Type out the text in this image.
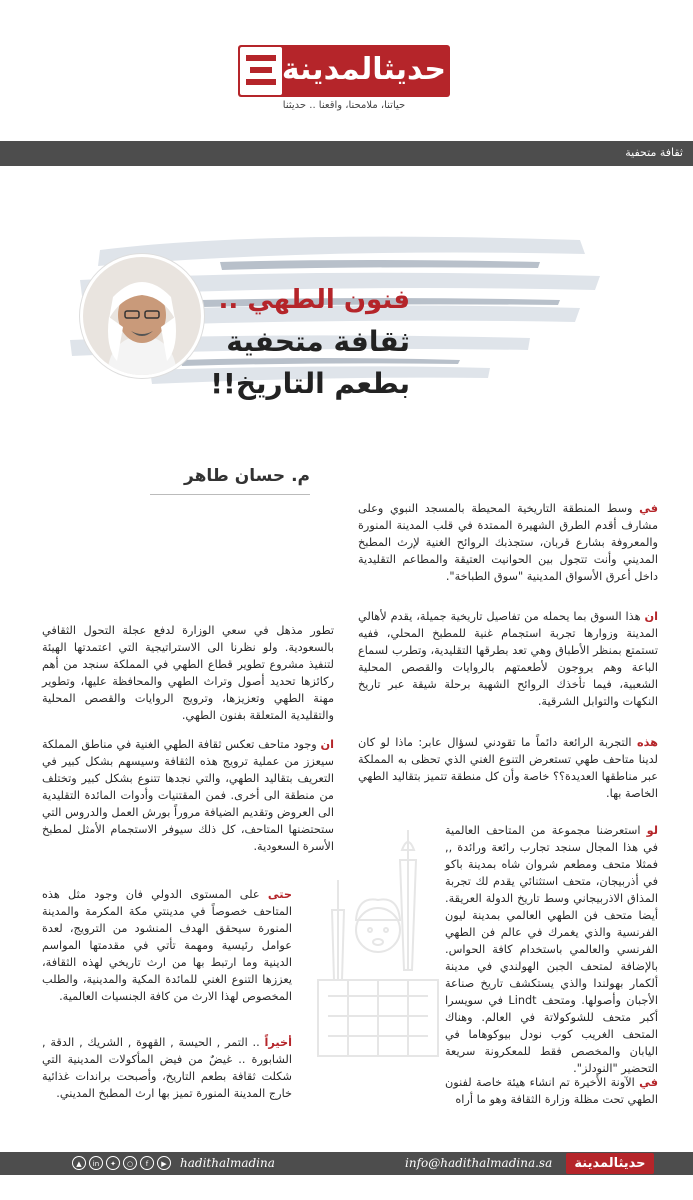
حديثالمدينة
حياتنا، ملامحنا، واقعنا .. حديثنا
ثقافة متحفية
فنون الطهي ..
ثقافة متحفية
بطعم التاريخ!!
م. حسان طاهر

في وسط المنطقة التاريخية المحيطة بالمسجد النبوي وعلى مشارف أقدم الطرق الشهيرة الممتدة في قلب المدينة المنورة والمعروفة بشارع قربان، ستجذبك الروائح الغنية لإرث المطبخ المديني وأنت تتجول بين الحوانيت العتيقة والمطاعم التقليدية داخل أعرق الأسواق المدينية "سوق الطباخة".

ان هذا السوق بما يحمله من تفاصيل تاريخية جميلة، يقدم لأهالي المدينة وزوارها تجربة استجمام غنية للمطبخ المحلي، ففيه تستمتع بمنظر الأطباق وهي تعد بطرقها التقليدية، وتطرب لسماع الباعة وهم يروجون لأطعمتهم بالروايات والقصص المحلية الشعبية، فيما تأخذك الروائح الشهية برحلة شيقة عبر تاريخ النكهات والتوابل الشرقية.

هذه التجربة الرائعة دائماً ما تقودني لسؤال عابر: ماذا لو كان لدينا متاحف طهي تستعرض التنوع الغني الذي تحظى به المملكة عبر مناطقها العديدة؟؟ خاصة وأن كل منطقة تتميز بتقاليد الطهي الخاصة بها.

لو استعرضنا مجموعة من المتاحف العالمية في هذا المجال سنجد تجارب رائعة ورائدة ,, فمثلا متحف ومطعم شروان شاه بمدينة باكو في أذربيجان، متحف استثنائي يقدم لك تجربة المذاق الاذربيجاني وسط تاريخ الدولة العريقة. أيضا متحف فن الطهي العالمي بمدينة ليون الفرنسية والذي يغمرك في عالم فن الطهي الفرنسي والعالمي باستخدام كافة الحواس. بالإضافة لمتحف الجبن الهولندي في مدينة ألكمار بهولندا والذي يستكشف تاريخ صناعة الأجبان وأصولها. ومتحف Lindt في سويسرا أكبر متحف للشوكولاتة في العالم. وهناك المتحف الغريب كوب نودل بيوكوهاما في اليابان والمخصص فقط للمعكرونة سريعة التحضير "النودلز".

في الآونة الأخيرة تم انشاء هيئة خاصة لفنون الطهي تحت مظلة وزارة الثقافة وهو ما أراه

تطور مذهل في سعي الوزارة لدفع عجلة التحول الثقافي بالسعودية. ولو نظرنا الى الاستراتيجية التي اعتمدتها الهيئة لتنفيذ مشروع تطوير قطاع الطهي في المملكة سنجد من أهم ركائزها تحديد أصول وتراث الطهي والمحافظة عليها، وتطوير مهنة الطهي وتعزيزها، وترويج الروايات والقصص المحلية والتقليدية المتعلقة بفنون الطهي.

ان وجود متاحف تعكس ثقافة الطهي الغنية في مناطق المملكة سيعزز من عملية ترويج هذه الثقافة وسيسهم بشكل كبير في التعريف بتقاليد الطهي، والتي نجدها تتنوع بشكل كبير وتختلف من منطقة الى أخرى. فمن المقتنيات وأدوات المائدة التقليدية الى العروض وتقديم الضيافة مروراً بورش العمل والدروس التي ستحتضنها المتاحف، كل ذلك سيوفر الاستجمام الأمثل لمطبخ الأسرة السعودية.

حتى على المستوى الدولي فان وجود مثل هذه المتاحف خصوصاً في مدينتي مكة المكرمة والمدينة المنورة سيحقق الهدف المنشود من الترويج، لعدة عوامل رئيسية ومهمة تأتي في مقدمتها المواسم الدينية وما ارتبط بها من ارث تاريخي لهذه الثقافة، يعززها التنوع الغني للمائدة المكية والمدينية، والطلب المخصوص لهذا الارث من كافة الجنسيات العالمية.

أخيراً .. التمر , الحيسة , القهوة , الشريك , الدقة , الشابورة .. غيضٌ من فيض المأكولات المدينية التي شكلت ثقافة بطعم التاريخ، وأصبحت براندات غذائية خارج المدينة المنورة تميز بها ارث المطبخ المديني.

حديثالمدينة
info@hadithalmadina.sa
hadithalmadina
▲	in	✦	○	f	▶
